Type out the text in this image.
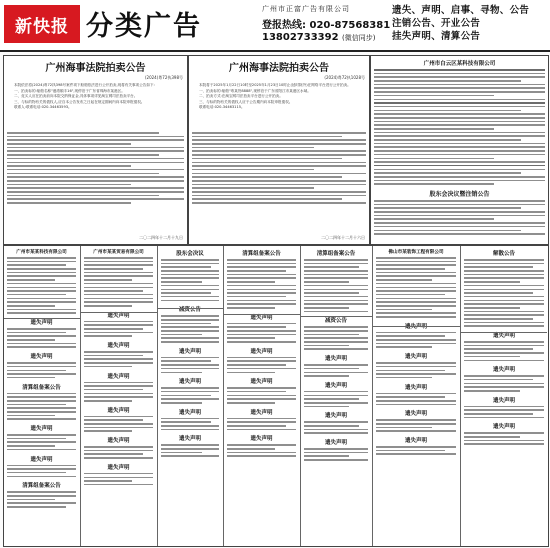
新快报 分类广告
广州市正富广告有限公司
登报热线: 020-87568381
13802733392 (微信同步)
遗失、声明、启事、寻物、公告
注销公告、开业公告
挂失声明、清算公告
广州海事法院拍卖公告
(2024)粤72执398号

本院依法将(2024)粤72执398号案件项下船舶依法进行公开拍卖,现将有关事项公告如下:

一、拍卖标的:船舶名称"港湾顺丰16",现停泊于广东省珠海市某港区。

二、竞买人应在拍卖前向本院交纳保证金,具体事项详见淘宝网司法拍卖平台。

三、与标的物有关的债权人,应自本公告发布之日起在规定期间内向本院申报债权。

联系人:联系电话:020-34463593。

二〇二四年十二月十九日
广州海事法院拍卖公告
(2024)粤72执1028号

本院将于2025年1月22日10时至2025年1月23日10时止(延时除外)在网络平台进行公开拍卖。

一、拍卖标的:船舶"粤某货8888",现停泊于广东省阳江市某港区水域。

二、拍卖方式:在淘宝网司法拍卖平台进行公开拍卖。

三、与标的物有关的债权人应于公告期内向本院申报债权。

联系电话:020-34463115。

二〇二四年十二月十六日
广州市白云区某科技有限公司
股东会决议暨注销公告
广州市某某科技有限公司
遗失声明
遗失声明
清算组备案公告
遗失声明
遗失声明
清算组备案公告
广州市某某贸易有限公司
遗失声明
遗失声明
遗失声明
遗失声明
遗失声明
遗失声明
股东会决议
减资公告
遗失声明
遗失声明
遗失声明
遗失声明
清算组备案公告
遗失声明
遗失声明
遗失声明
遗失声明
遗失声明
清算组备案公告
减资公告
遗失声明
遗失声明
遗失声明
遗失声明
佛山市某装饰工程有限公司
遗失声明
遗失声明
遗失声明
遗失声明
遗失声明
解散公告
遗失声明
遗失声明
遗失声明
遗失声明
